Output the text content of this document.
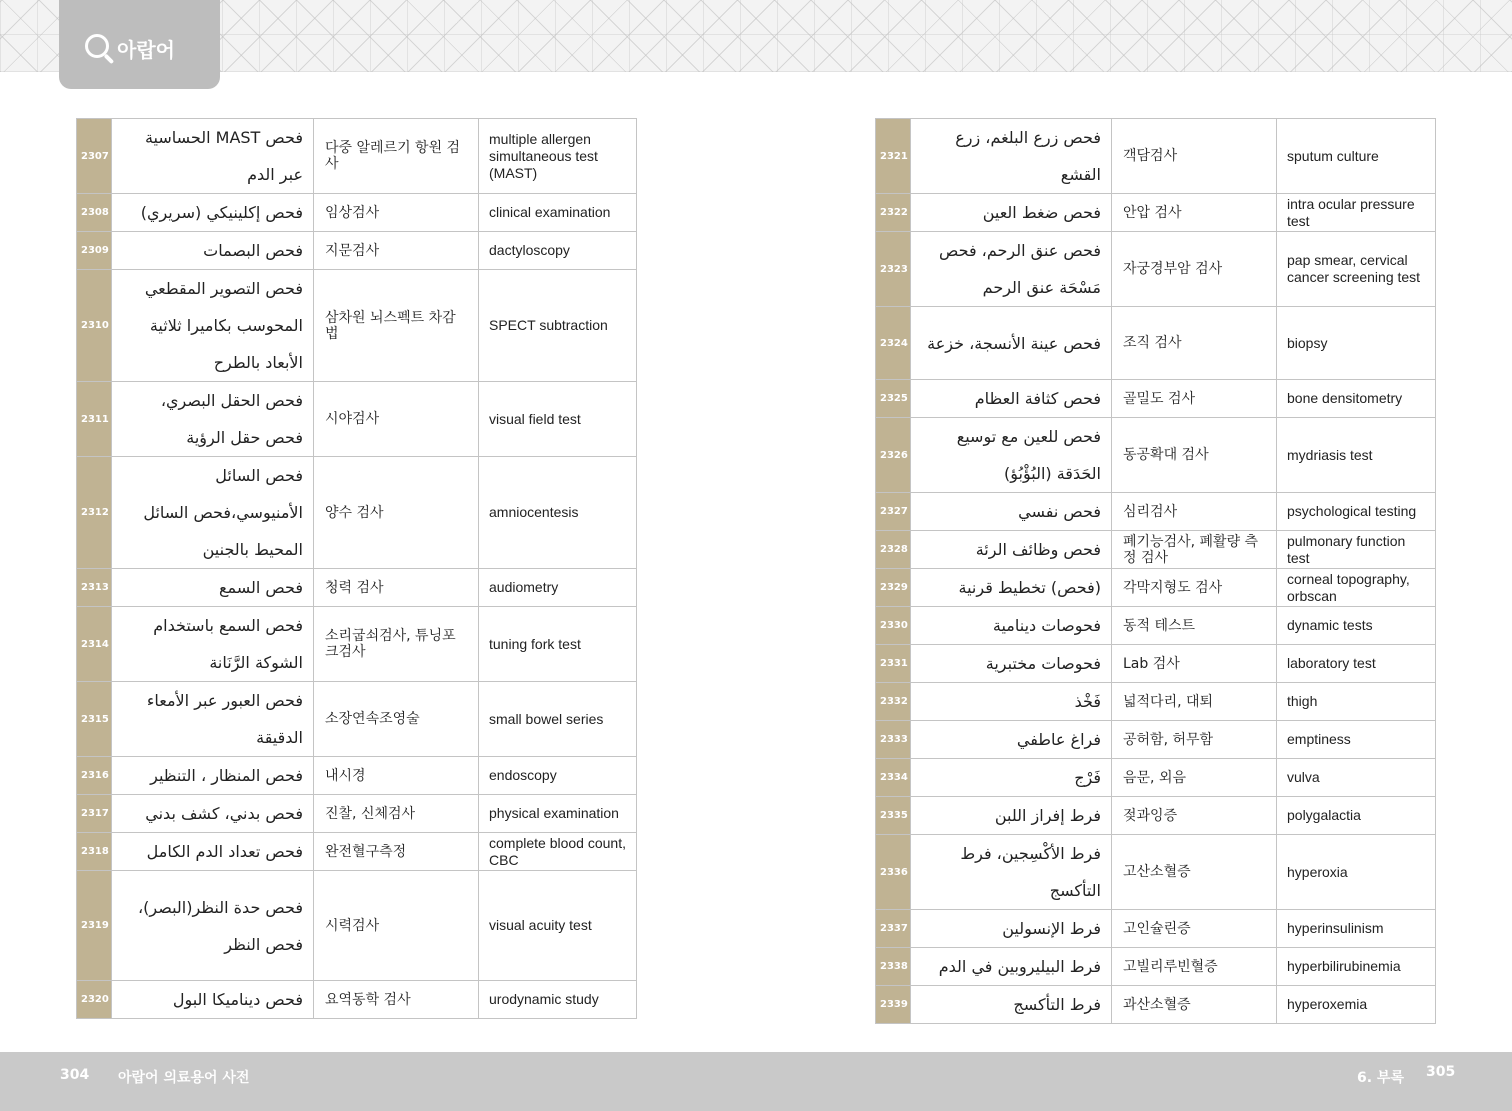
아랍어
2307	فحص MAST الحساسية عبر الدم	다중 알레르기 항원 검사	multiple allergen simultaneous test (MAST)
2308	فحص إكلينيكي (سريري)	임상검사	clinical examination
2309	فحص البصمات	지문검사	dactyloscopy
2310	فحص التصوير المقطعي المحوسب بكاميرا ثلاثية الأبعاد بالطرح	삼차원 뇌스펙트 차감법	SPECT subtraction
2311	فحص الحقل البصري، فحص حقل الرؤية	시야검사	visual field test
2312	فحص السائل الأمنيوسي،فحص السائل المحيط بالجنين	양수 검사	amniocentesis
2313	فحص السمع	청력 검사	audiometry
2314	فحص السمع باستخدام الشوكة الرَّنَانة	소리굽쇠검사, 튜닝포크검사	tuning fork test
2315	فحص العبور عبر الأمعاء الدقيقة	소장연속조영술	small bowel series
2316	فحص المنظار ، التنظير	내시경	endoscopy
2317	فحص بدني، كشف بدني	진찰, 신체검사	physical examination
2318	فحص تعداد الدم الكامل	완전혈구측정	complete blood count, CBC
2319	فحص حدة النظر(البصر)، فحص النظر	시력검사	visual acuity test
2320	فحص ديناميكا البول	요역동학 검사	urodynamic study
2321	فحص زرع البلغم، زرع القشع	객담검사	sputum culture
2322	فحص ضغط العين	안압 검사	intra ocular pressure test
2323	فحص عنق الرحم، فحص مَسْحَة عنق الرحم	자궁경부암 검사	pap smear, cervical cancer screening test
2324	فحص عينة الأنسجة، خزعة	조직 검사	biopsy
2325	فحص كثافة العظام	골밀도 검사	bone densitometry
2326	فحص للعين مع توسيع الحَدَقة (البُؤْبُؤ)	동공확대 검사	mydriasis test
2327	فحص نفسي	심리검사	psychological testing
2328	فحص وظائف الرئة	폐기능검사, 폐활량 측정 검사	pulmonary function test
2329	(فحص) تخطيط قرنية	각막지형도 검사	corneal topography, orbscan
2330	فحوصات دينامية	동적 테스트	dynamic tests
2331	فحوصات مختبرية	Lab 검사	laboratory test
2332	فَخْذ	넓적다리, 대퇴	thigh
2333	فراغ عاطفي	공허함, 허무함	emptiness
2334	فَرْج	음문, 외음	vulva
2335	فرط إفراز اللبن	젖과잉증	polygalactia
2336	فرط الأكْسِجين، فرط التأكسج	고산소혈증	hyperoxia
2337	فرط الإنسولين	고인슐린증	hyperinsulinism
2338	فرط البيليروبين في الدم	고빌리루빈혈증	hyperbilirubinemia
2339	فرط التأكسج	과산소혈증	hyperoxemia
304 아랍어 의료용어 사전	6. 부록 305
